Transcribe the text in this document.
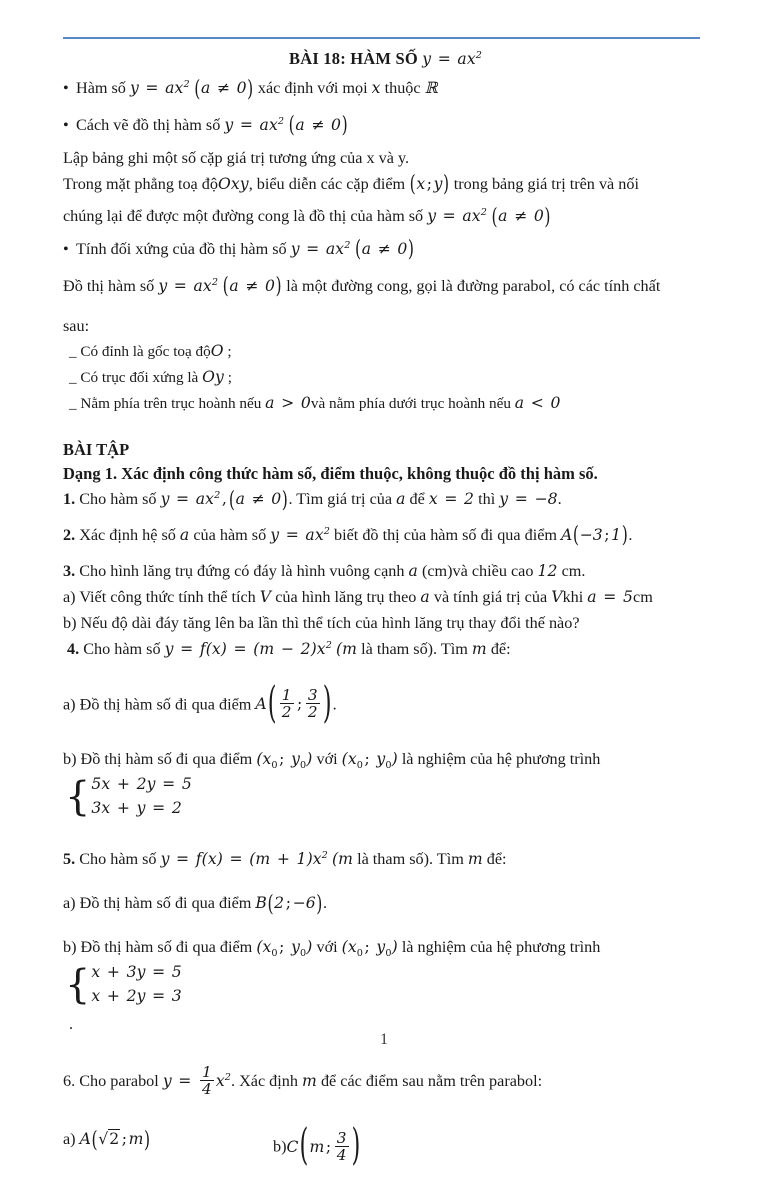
BÀI 18: HÀM SỐ $y = ax^2$
• Hàm số $y = ax^2$ (a ≠ 0) xác định với mọi x thuộc ℝ
• Cách vẽ đồ thị hàm số $y = ax^2$ (a ≠ 0)
Lập bảng ghi một số cặp giá trị tương ứng của x và y.
Trong mặt phẳng toạ độOxy, biểu diễn các cặp điểm (x;y) trong bảng giá trị trên và nối
chúng lại để được một đường cong là đồ thị của hàm số $y = ax^2$ (a ≠ 0)
• Tính đối xứng của đồ thị hàm số $y = ax^2$ (a ≠ 0)
Đồ thị hàm số $y = ax^2$ (a ≠ 0) là một đường cong, gọi là đường parabol, có các tính chất
sau:
_ Có đỉnh là gốc toạ độO ;
_ Có trục đối xứng là Oy ;
_ Nằm phía trên trục hoành nếu a > 0và nằm phía dưới trục hoành nếu a < 0
BÀI TẬP
Dạng 1. Xác định công thức hàm số, điểm thuộc, không thuộc đồ thị hàm số.
1. Cho hàm số $y = ax^2$, (a ≠ 0). Tìm giá trị của a để x = 2 thì y = −8.
2. Xác định hệ số a của hàm số $y = ax^2$ biết đồ thị của hàm số đi qua điểm A(−3;1).
3. Cho hình lăng trụ đứng có đáy là hình vuông cạnh a (cm)và chiều cao 12 cm.
a) Viết công thức tính thể tích V của hình lăng trụ theo a và tính giá trị của Vkhi a = 5cm
b) Nếu độ dài đáy tăng lên ba lần thì thể tích của hình lăng trụ thay đổi thế nào?
4. Cho hàm số $y = f(x) = (m - 2)x^2$ (m là tham số). Tìm m để:
a) Đồ thị hàm số đi qua điểm $A( \frac{1}{2}$ ; $\frac{3}{2}$ ).
b) Đồ thị hàm số đi qua điểm ($x_0$; $y_0$) với ($x_0$; $y_0$) là nghiệm của hệ phương trình{ 5x + 2y = 5
3x + y = 2
5. Cho hàm số $y = f(x) = (m + 1)x^2$ (m là tham số). Tìm m để:
a) Đồ thị hàm số đi qua điểm B(2;−6).
b) Đồ thị hàm số đi qua điểm ($x_0$; $y_0$) với ($x_0$; $y_0$) là nghiệm của hệ phương trình{ x + 3y = 5
x + 2y = 3
.
6. Cho parabol $y = \frac{1}{4} x^2$. Xác định m để các điểm sau nằm trên parabol:
a) A(√2 ;m)	b)C(m; $\frac{3}{4}$ )
1
